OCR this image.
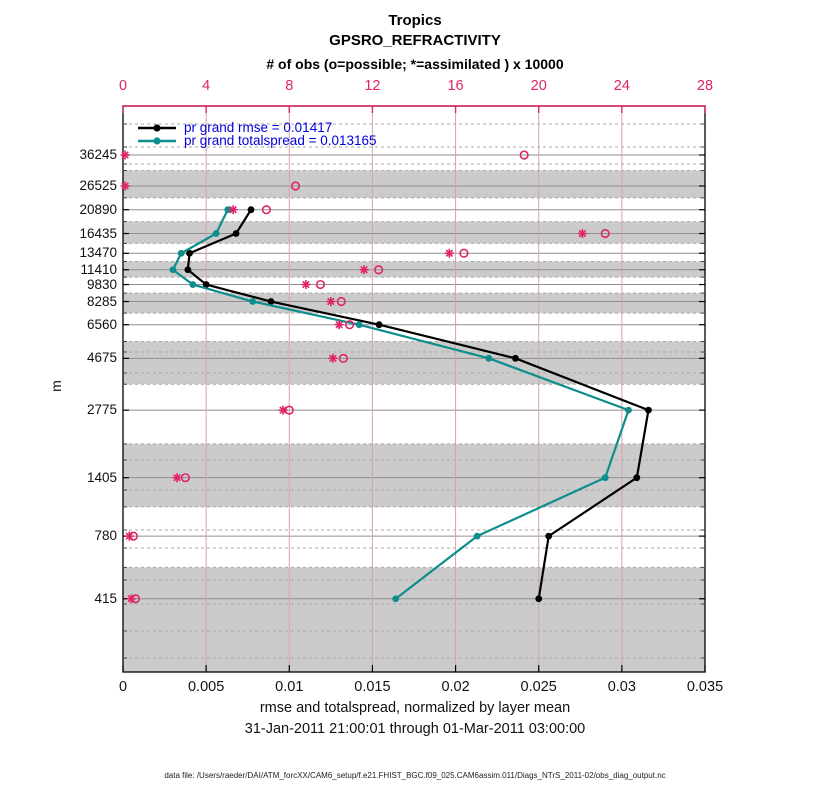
Tropics
GPSRO_REFRACTIVITY
# of obs (o=possible; *=assimilated ) x 10000
0	4	8	12	16	20	24	28
36245
26525
20890
16435
13470
11410
9830
8285
6560
4675
2775
1405
780
415
0	0.005	0.01	0.015	0.02	0.025	0.03	0.035
m
pr grand rmse = 0.01417
pr grand totalspread = 0.013165
rmse and totalspread, normalized by layer mean
31-Jan-2011 21:00:01 through 01-Mar-2011 03:00:00
data file: /Users/raeder/DAI/ATM_forcXX/CAM6_setup/f.e21.FHIST_BGC.f09_025.CAM6assim.011/Diags_NTrS_2011-02/obs_diag_output.nc
